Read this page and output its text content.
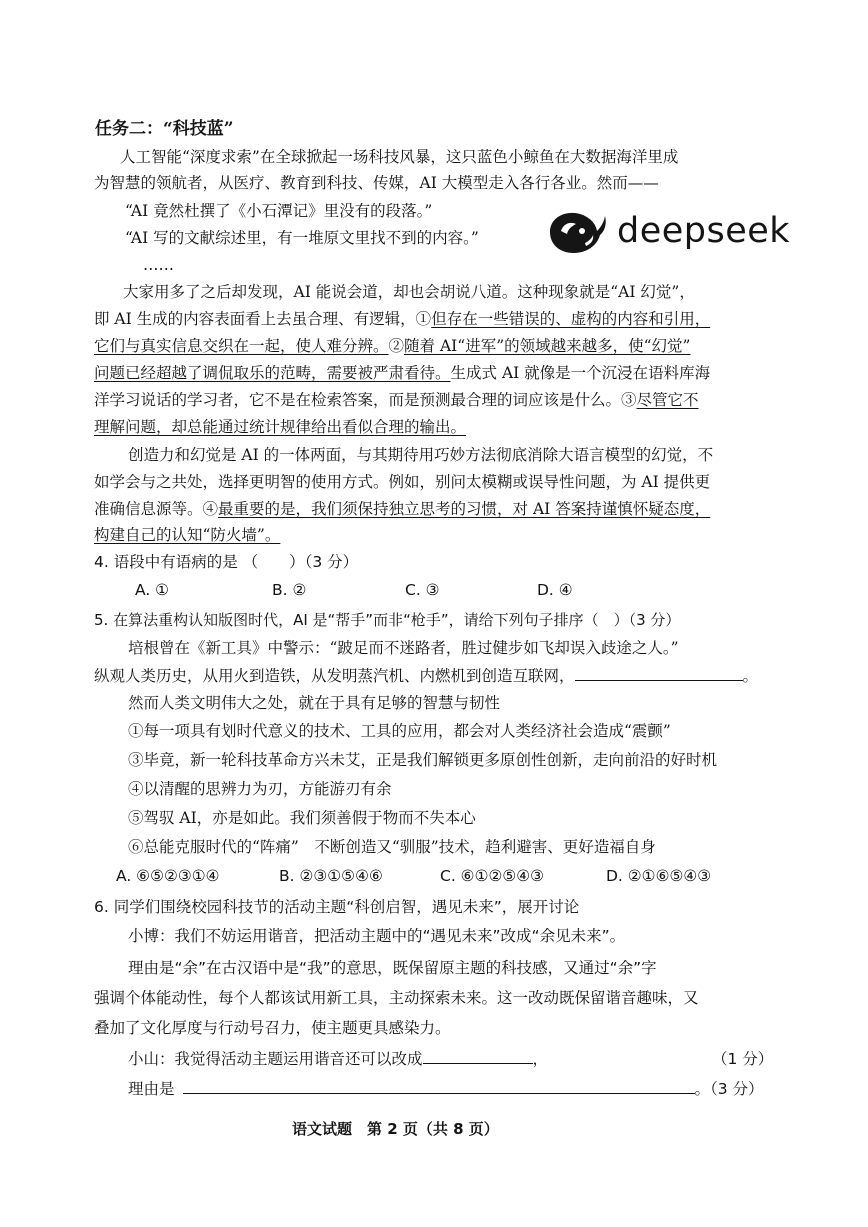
任务二：“科技蓝”
人工智能“深度求索”在全球掀起一场科技风暴，这只蓝色小鲸鱼在大数据海洋里成
为智慧的领航者，从医疗、教育到科技、传媒，AI 大模型走入各行各业。然而——
“AI 竟然杜撰了《小石潭记》里没有的段落。”
“AI 写的文献综述里，有一堆原文里找不到的内容。”
……
deepseek
大家用多了之后却发现，AI 能说会道，却也会胡说八道。这种现象就是“AI 幻觉”，
即 AI 生成的内容表面看上去虽合理、有逻辑，①但存在一些错误的、虚构的内容和引用，
它们与真实信息交织在一起，使人难分辨。②随着 AI“进军”的领域越来越多，使“幻觉”
问题已经超越了调侃取乐的范畴，需要被严肃看待。生成式 AI 就像是一个沉浸在语料库海
洋学习说话的学习者，它不是在检索答案，而是预测最合理的词应该是什么。③尽管它不
理解问题，却总能通过统计规律给出看似合理的输出。
创造力和幻觉是 AI 的一体两面，与其期待用巧妙方法彻底消除大语言模型的幻觉，不
如学会与之共处，选择更明智的使用方式。例如，别问太模糊或误导性问题，为 AI 提供更
准确信息源等。④最重要的是，我们须保持独立思考的习惯，对 AI 答案持谨慎怀疑态度，
构建自己的认知“防火墙”。
4. 语段中有语病的是 （　　）（3 分）
A. ①	B. ②	C. ③	D. ④
5. 在算法重构认知版图时代，AI 是“帮手”而非“枪手”，请给下列句子排序（　）（3 分）
培根曾在《新工具》中警示：“跛足而不迷路者，胜过健步如飞却误入歧途之人。”
纵观人类历史，从用火到造铁，从发明蒸汽机、内燃机到创造互联网，	。
然而人类文明伟大之处，就在于具有足够的智慧与韧性
①每一项具有划时代意义的技术、工具的应用，都会对人类经济社会造成“震颤”
③毕竟，新一轮科技革命方兴未艾，正是我们解锁更多原创性创新，走向前沿的好时机
④以清醒的思辨力为刃，方能游刃有余
⑤驾驭 AI，亦是如此。我们须善假于物而不失本心
⑥总能克服时代的“阵痛”　不断创造又“驯服”技术，趋利避害、更好造福自身
A. ⑥⑤②③①④	B. ②③①⑤④⑥	C. ⑥①②⑤④③	D. ②①⑥⑤④③
6. 同学们围绕校园科技节的活动主题“科创启智，遇见未来”，展开讨论
小博：我们不妨运用谐音，把活动主题中的“遇见未来”改成“余见未来”。
理由是“余”在古汉语中是“我”的意思，既保留原主题的科技感，又通过“余”字
强调个体能动性，每个人都该试用新工具，主动探索未来。这一改动既保留谐音趣味，又
叠加了文化厚度与行动号召力，使主题更具感染力。
小山：我觉得活动主题运用谐音还可以改成	，	（1 分）
理由是	。（3 分）
语文试题　第 2 页（共 8 页）
